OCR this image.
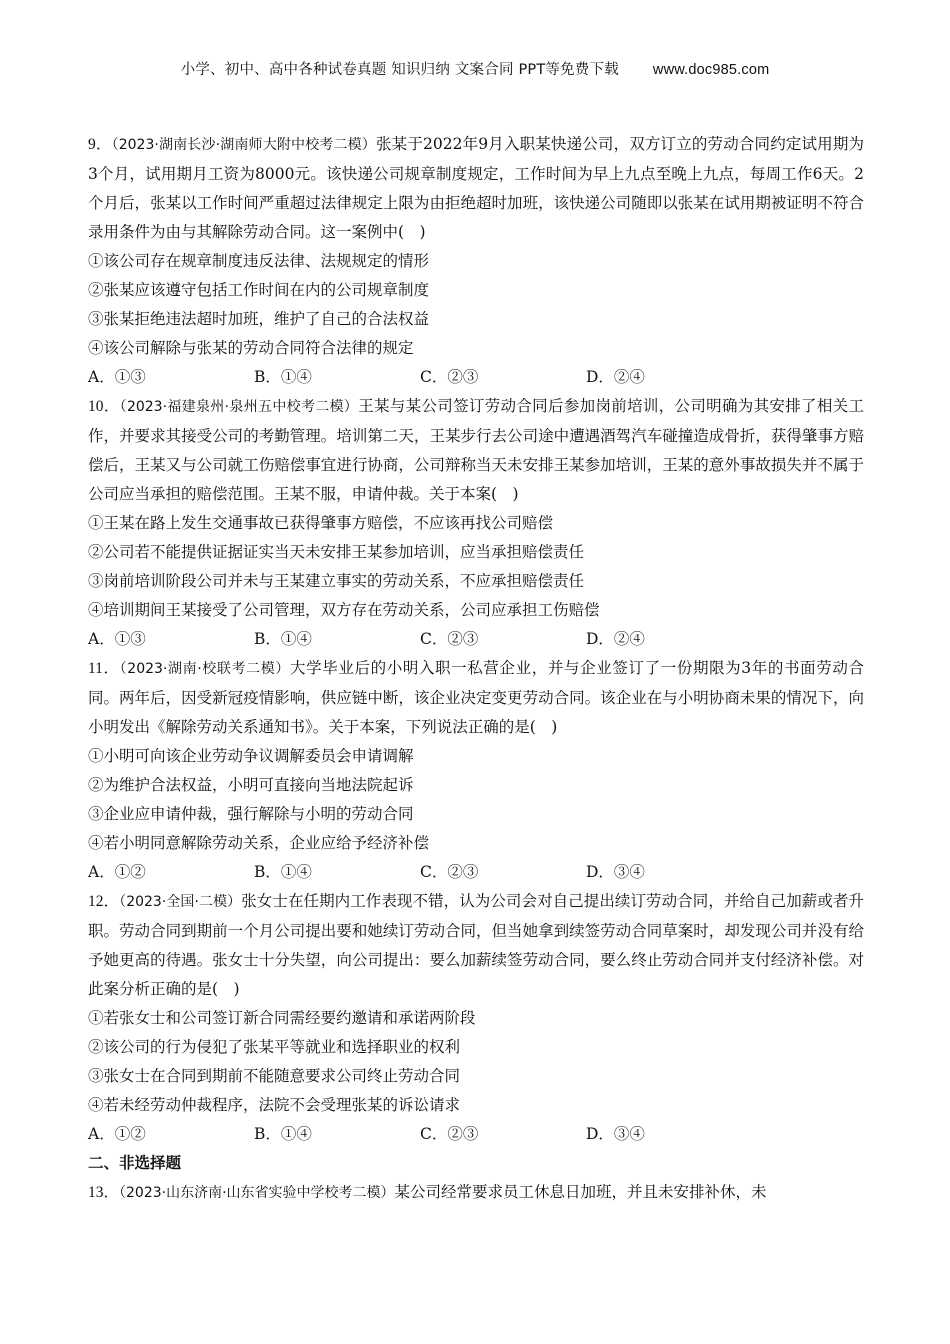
小学、初中、高中各种试卷真题 知识归纳 文案合同 PPT等免费下载 www.doc985.com
9．（2023·湖南长沙·湖南师大附中校考二模）张某于2022年9月入职某快递公司，双方订立的劳动合同约定试用期为3个月，试用期月工资为8000元。该快递公司规章制度规定，工作时间为早上九点至晚上九点，每周工作6天。2个月后，张某以工作时间严重超过法律规定上限为由拒绝超时加班，该快递公司随即以张某在试用期被证明不符合录用条件为由与其解除劳动合同。这一案例中(　)
①该公司存在规章制度违反法律、法规规定的情形
②张某应该遵守包括工作时间在内的公司规章制度
③张某拒绝违法超时加班，维护了自己的合法权益
④该公司解除与张某的劳动合同符合法律的规定
A．①③	B．①④	C．②③	D．②④
10．（2023·福建泉州·泉州五中校考二模）王某与某公司签订劳动合同后参加岗前培训，公司明确为其安排了相关工作，并要求其接受公司的考勤管理。培训第二天，王某步行去公司途中遭遇酒驾汽车碰撞造成骨折，获得肇事方赔偿后，王某又与公司就工伤赔偿事宜进行协商，公司辩称当天未安排王某参加培训，王某的意外事故损失并不属于公司应当承担的赔偿范围。王某不服，申请仲裁。关于本案(　)
①王某在路上发生交通事故已获得肇事方赔偿，不应该再找公司赔偿
②公司若不能提供证据证实当天未安排王某参加培训，应当承担赔偿责任
③岗前培训阶段公司并未与王某建立事实的劳动关系，不应承担赔偿责任
④培训期间王某接受了公司管理，双方存在劳动关系，公司应承担工伤赔偿
A．①③	B．①④	C．②③	D．②④
11．（2023·湖南·校联考二模）大学毕业后的小明入职一私营企业，并与企业签订了一份期限为3年的书面劳动合同。两年后，因受新冠疫情影响，供应链中断，该企业决定变更劳动合同。该企业在与小明协商未果的情况下，向小明发出《解除劳动关系通知书》。关于本案，下列说法正确的是(　)
①小明可向该企业劳动争议调解委员会申请调解
②为维护合法权益，小明可直接向当地法院起诉
③企业应申请仲裁，强行解除与小明的劳动合同
④若小明同意解除劳动关系，企业应给予经济补偿
A．①②	B．①④	C．②③	D．③④
12．（2023·全国·二模）张女士在任期内工作表现不错，认为公司会对自己提出续订劳动合同，并给自己加薪或者升职。劳动合同到期前一个月公司提出要和她续订劳动合同，但当她拿到续签劳动合同草案时，却发现公司并没有给予她更高的待遇。张女士十分失望，向公司提出：要么加薪续签劳动合同，要么终止劳动合同并支付经济补偿。对此案分析正确的是(　)
①若张女士和公司签订新合同需经要约邀请和承诺两阶段
②该公司的行为侵犯了张某平等就业和选择职业的权利
③张女士在合同到期前不能随意要求公司终止劳动合同
④若未经劳动仲裁程序，法院不会受理张某的诉讼请求
A．①②	B．①④	C．②③	D．③④
二、非选择题
13．（2023·山东济南·山东省实验中学校考二模）某公司经常要求员工休息日加班，并且未安排补休，未
